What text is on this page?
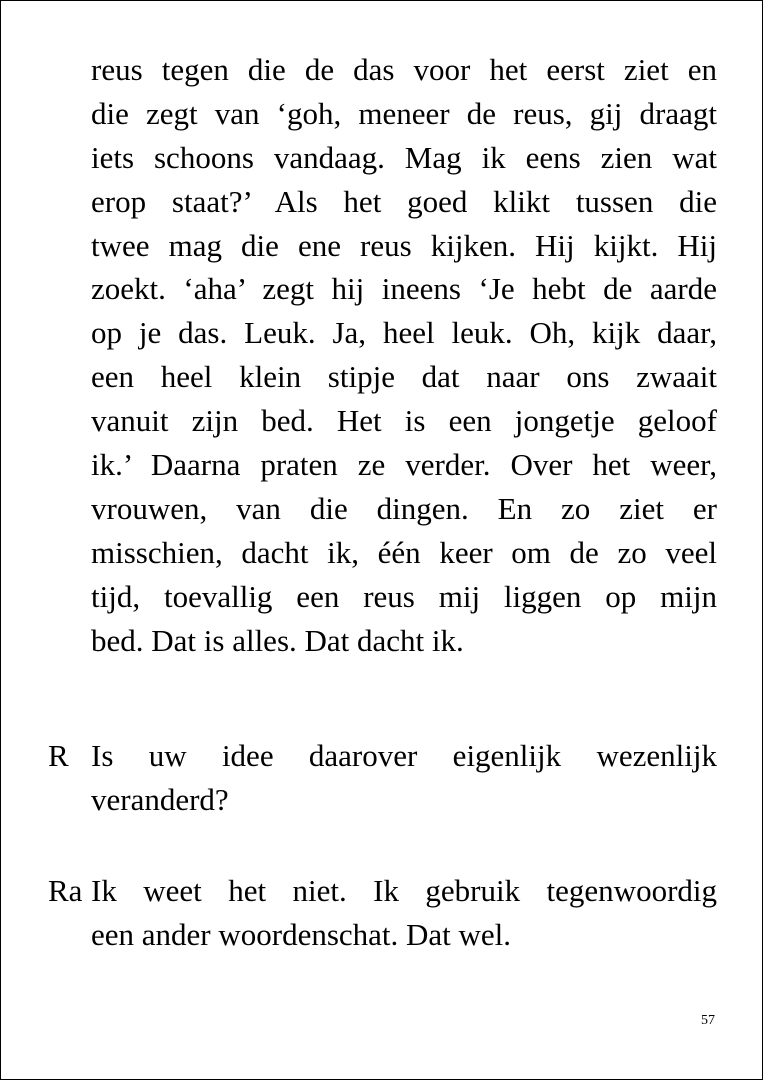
reus tegen die de das voor het eerst ziet en
die zegt van ‘goh, meneer de reus, gij draagt
iets schoons vandaag. Mag ik eens zien wat
erop staat?’ Als het goed klikt tussen die
twee mag die ene reus kijken. Hij kijkt. Hij
zoekt. ‘aha’ zegt hij ineens ‘Je hebt de aarde
op je das. Leuk. Ja, heel leuk. Oh, kijk daar,
een heel klein stipje dat naar ons zwaait
vanuit zijn bed. Het is een jongetje geloof
ik.’ Daarna praten ze verder. Over het weer,
vrouwen, van die dingen. En zo ziet er
misschien, dacht ik, één keer om de zo veel
tijd, toevallig een reus mij liggen op mijn
bed. Dat is alles. Dat dacht ik.
R Is uw idee daarover eigenlijk wezenlijk
veranderd?
Ra Ik weet het niet. Ik gebruik tegenwoordig
een ander woordenschat. Dat wel.
57
